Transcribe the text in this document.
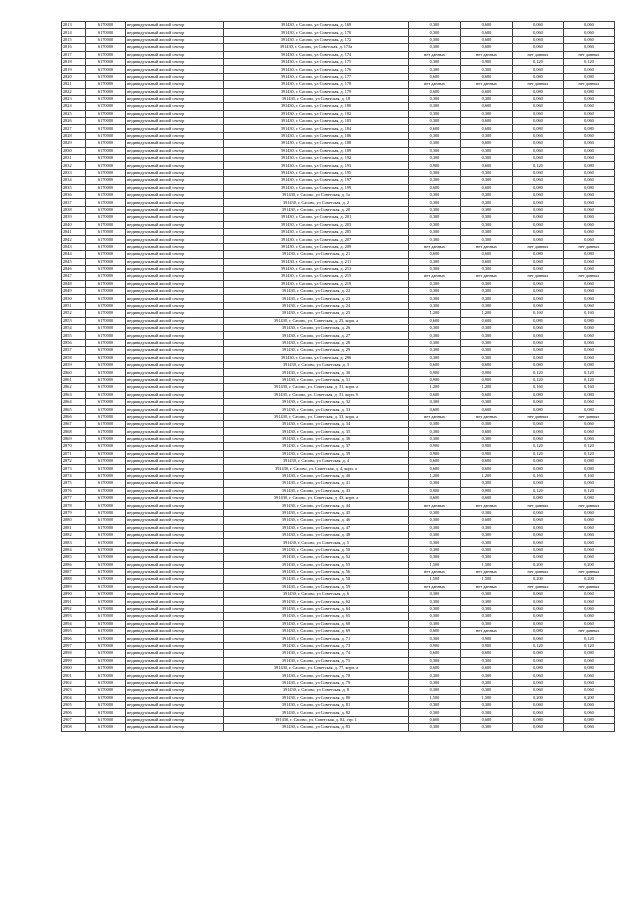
2813	6170000	индивидуальный жилой сектор	391430, г. Сасово, ул Советская, д. 169	0,300	0,600	0,060	0,060
2814	6170000	индивидуальный жилой сектор	391430, г. Сасово, ул Советская, д. 170	0,300	0,600	0,060	0,060
2815	6170000	индивидуальный жилой сектор	391430, г. Сасово, ул Советская, д. 172	0,300	0,600	0,060	0,060
2816	6170000	индивидуальный жилой сектор	391430, г. Сасово, ул Советская, д. 173а	0,300	0,600	0,060	0,060
2817	6170000	индивидуальный жилой сектор	391430, г. Сасово, ул Советская, д. 174	нет данных	нет данных	нет данных	нет данных
2818	6170000	индивидуальный жилой сектор	391430, г. Сасово, ул Советская, д. 175	0,300	0,900	0,120	0,120
2819	6170000	индивидуальный жилой сектор	391430, г. Сасово, ул Советская, д. 176	0,300	0,300	0,060	0,060
2820	6170000	индивидуальный жилой сектор	391430, г. Сасово, ул Советская, д. 177	0,600	0,600	0,080	0,080
2821	6170000	индивидуальный жилой сектор	391430, г. Сасово, ул Советская, д. 178	нет данных	нет данных	нет данных	нет данных
2822	6170000	индивидуальный жилой сектор	391430, г. Сасово, ул Советская, д. 179	0,600	0,600	0,080	0,080
2823	6170000	индивидуальный жилой сектор	391430, г. Сасово, ул Советская, д. 18	0,300	0,300	0,060	0,060
2824	6170000	индивидуальный жилой сектор	391430, г. Сасово, ул Советская, д. 180	0,300	0,600	0,060	0,060
2825	6170000	индивидуальный жилой сектор	391430, г. Сасово, ул Советская, д. 182	0,300	0,300	0,060	0,060
2826	6170000	индивидуальный жилой сектор	391430, г. Сасово, ул Советская, д. 183	0,300	0,600	0,060	0,060
2827	6170000	индивидуальный жилой сектор	391430, г. Сасово, ул Советская, д. 184	0,600	0,600	0,080	0,080
2828	6170000	индивидуальный жилой сектор	391430, г. Сасово, ул Советская, д. 186	0,300	0,300	0,060	0,060
2829	6170000	индивидуальный жилой сектор	391430, г. Сасово, ул Советская, д. 188	0,300	0,600	0,060	0,060
2830	6170000	индивидуальный жилой сектор	391430, г. Сасово, ул Советская, д. 189	0,300	0,300	0,060	0,060
2831	6170000	индивидуальный жилой сектор	391430, г. Сасово, ул Советская, д. 192	0,300	0,300	0,060	0,060
2832	6170000	индивидуальный жилой сектор	391430, г. Сасово, ул Советская, д. 193	0,900	0,600	0,120	0,080
2833	6170000	индивидуальный жилой сектор	391430, г. Сасово, ул Советская, д. 195	0,300	0,300	0,060	0,060
2834	6170000	индивидуальный жилой сектор	391430, г. Сасово, ул Советская, д. 197	0,300	0,300	0,060	0,060
2835	6170000	индивидуальный жилой сектор	391430, г. Сасово, ул Советская, д. 199	0,600	0,600	0,080	0,080
2836	6170000	индивидуальный жилой сектор	391430, г. Сасово, ул Советская, д. 1а	0,300	0,300	0,060	0,060
2837	6170000	индивидуальный жилой сектор	391430, г. Сасово, ул Советская, д. 2	0,300	0,300	0,060	0,060
2838	6170000	индивидуальный жилой сектор	391430, г. Сасово, ул Советская, д. 20	0,300	0,300	0,060	0,060
2839	6170000	индивидуальный жилой сектор	391430, г. Сасово, ул Советская, д. 201	0,300	0,300	0,060	0,060
2840	6170000	индивидуальный жилой сектор	391430, г. Сасово, ул Советская, д. 203	0,300	0,300	0,060	0,060
2841	6170000	индивидуальный жилой сектор	391430, г. Сасово, ул Советская, д. 205	0,300	0,300	0,060	0,060
2842	6170000	индивидуальный жилой сектор	391430, г. Сасово, ул Советская, д. 207	0,300	0,300	0,060	0,060
2843	6170000	индивидуальный жилой сектор	391430, г. Сасово, ул Советская, д. 209	нет данных	нет данных	нет данных	нет данных
2844	6170000	индивидуальный жилой сектор	391430, г. Сасово, ул Советская, д. 21	0,600	0,600	0,080	0,080
2845	6170000	индивидуальный жилой сектор	391430, г. Сасово, ул Советская, д. 211	0,300	0,600	0,060	0,060
2846	6170000	индивидуальный жилой сектор	391430, г. Сасово, ул Советская, д. 213	0,300	0,300	0,060	0,060
2847	6170000	индивидуальный жилой сектор	391430, г. Сасово, ул Советская, д. 215	нет данных	нет данных	нет данных	нет данных
2848	6170000	индивидуальный жилой сектор	391430, г. Сасово, ул Советская, д. 219	0,300	0,300	0,060	0,060
2849	6170000	индивидуальный жилой сектор	391430, г. Сасово, ул Советская, д. 22	0,300	0,300	0,060	0,060
2850	6170000	индивидуальный жилой сектор	391430, г. Сасово, ул Советская, д. 23	0,300	0,300	0,060	0,060
2851	6170000	индивидуальный жилой сектор	391430, г. Сасово, ул Советская, д. 24	0,300	0,300	0,060	0,060
2852	6170000	индивидуальный жилой сектор	391430, г. Сасово, ул Советская, д. 25	1,200	1,200	0,160	0,160
2853	6170000	индивидуальный жилой сектор	391430, г. Сасово, ул. Советская, д. 25, корп. а	0,600	0,600	0,080	0,080
2854	6170000	индивидуальный жилой сектор	391430, г. Сасово, ул Советская, д. 26	0,300	0,300	0,060	0,060
2855	6170000	индивидуальный жилой сектор	391430, г. Сасово, ул Советская, д. 27	0,300	0,300	0,060	0,060
2856	6170000	индивидуальный жилой сектор	391430, г. Сасово, ул Советская, д. 28	0,300	0,300	0,060	0,060
2857	6170000	индивидуальный жилой сектор	391430, г. Сасово, ул Советская, д. 29	0,300	0,300	0,060	0,060
2858	6170000	индивидуальный жилой сектор	391430, г. Сасово, ул Советская, д. 296	0,300	0,300	0,060	0,060
2859	6170000	индивидуальный жилой сектор	391430, г. Сасово, ул Советская, д. 3	0,600	0,600	0,080	0,080
2860	6170000	индивидуальный жилой сектор	391430, г. Сасово, ул Советская, д. 30	0,900	0,900	0,120	0,120
2861	6170000	индивидуальный жилой сектор	391430, г. Сасово, ул Советская, д. 31	0,900	0,900	0,120	0,120
2862	6170000	индивидуальный жилой сектор	391430, г. Сасово, ул. Советская, д. 31, корп. а	1,200	1,200	0,160	0,160
2863	6170000	индивидуальный жилой сектор	391430, г. Сасово, ул. Советская, д. 31, корп. б	0,600	0,600	0,080	0,080
2864	6170000	индивидуальный жилой сектор	391430, г. Сасово, ул Советская, д. 32	0,300	0,300	0,060	0,060
2865	6170000	индивидуальный жилой сектор	391430, г. Сасово, ул Советская, д. 33	0,600	0,600	0,080	0,080
2866	6170000	индивидуальный жилой сектор	391430, г. Сасово, ул. Советская, д. 33, корп. а	нет данных	нет данных	нет данных	нет данных
2867	6170000	индивидуальный жилой сектор	391430, г. Сасово, ул Советская, д. 34	0,300	0,300	0,060	0,060
2868	6170000	индивидуальный жилой сектор	391430, г. Сасово, ул Советская, д. 35	0,300	0,600	0,060	0,060
2869	6170000	индивидуальный жилой сектор	391430, г. Сасово, ул Советская, д. 36	0,300	0,300	0,060	0,060
2870	6170000	индивидуальный жилой сектор	391430, г. Сасово, ул Советская, д. 37	0,900	0,900	0,120	0,120
2871	6170000	индивидуальный жилой сектор	391430, г. Сасово, ул Советская, д. 39	0,900	0,900	0,120	0,120
2872	6170000	индивидуальный жилой сектор	391430, г. Сасово, ул Советская, д. 4	0,600	0,600	0,080	0,080
2873	6170000	индивидуальный жилой сектор	391430, г. Сасово, ул. Советская, д. 4, корп. а	0,600	0,600	0,080	0,080
2874	6170000	индивидуальный жилой сектор	391430, г. Сасово, ул Советская, д. 40	1,200	1,200	0,160	0,160
2875	6170000	индивидуальный жилой сектор	391430, г. Сасово, ул Советская, д. 41	0,300	0,300	0,060	0,060
2876	6170000	индивидуальный жилой сектор	391430, г. Сасово, ул Советская, д. 43	0,900	0,900	0,120	0,120
2877	6170000	индивидуальный жилой сектор	391430, г. Сасово, ул. Советская, д. 43, корп. а	0,600	0,600	0,080	0,080
2878	6170000	индивидуальный жилой сектор	391430, г. Сасово, ул Советская, д. 44	нет данных	нет данных	нет данных	нет данных
2879	6170000	индивидуальный жилой сектор	391430, г. Сасово, ул Советская, д. 45	0,300	0,300	0,060	0,060
2880	6170000	индивидуальный жилой сектор	391430, г. Сасово, ул Советская, д. 46	0,300	0,600	0,060	0,060
2881	6170000	индивидуальный жилой сектор	391430, г. Сасово, ул Советская, д. 47	0,300	0,300	0,060	0,060
2882	6170000	индивидуальный жилой сектор	391430, г. Сасово, ул Советская, д. 48	0,300	0,300	0,060	0,060
2883	6170000	индивидуальный жилой сектор	391430, г. Сасово, ул Советская, д. 5	0,300	0,300	0,060	0,060
2884	6170000	индивидуальный жилой сектор	391430, г. Сасово, ул Советская, д. 50	0,300	0,300	0,060	0,060
2885	6170000	индивидуальный жилой сектор	391430, г. Сасово, ул Советская, д. 52	0,300	0,300	0,060	0,060
2886	6170000	индивидуальный жилой сектор	391430, г. Сасово, ул Советская, д. 55	1,500	1,500	0,200	0,200
2887	6170000	индивидуальный жилой сектор	391430, г. Сасово, ул Советская, д. 56	нет данных	нет данных	нет данных	нет данных
2888	6170000	индивидуальный жилой сектор	391430, г. Сасово, ул Советская, д. 58	1,500	1,500	0,200	0,200
2889	6170000	индивидуальный жилой сектор	391430, г. Сасово, ул Советская, д. 59	нет данных	нет данных	нет данных	нет данных
2890	6170000	индивидуальный жилой сектор	391430, г. Сасово, ул Советская, д. 6	0,300	0,300	0,060	0,060
2891	6170000	индивидуальный жилой сектор	391430, г. Сасово, ул Советская, д. 62	0,300	0,300	0,060	0,060
2892	6170000	индивидуальный жилой сектор	391430, г. Сасово, ул Советская, д. 64	0,300	0,300	0,060	0,060
2893	6170000	индивидуальный жилой сектор	391430, г. Сасово, ул Советская, д. 65	0,300	0,300	0,060	0,060
2894	6170000	индивидуальный жилой сектор	391430, г. Сасово, ул Советская, д. 68	0,300	0,300	0,060	0,060
2895	6170000	индивидуальный жилой сектор	391430, г. Сасово, ул Советская, д. 69	0,600	нет данных	0,080	нет данных
2896	6170000	индивидуальный жилой сектор	391430, г. Сасово, ул Советская, д. 71	0,300	0,900	0,060	0,120
2897	6170000	индивидуальный жилой сектор	391430, г. Сасово, ул Советская, д. 73	0,900	0,900	0,120	0,120
2898	6170000	индивидуальный жилой сектор	391430, г. Сасово, ул Советская, д. 74	0,600	0,600	0,080	0,080
2899	6170000	индивидуальный жилой сектор	391430, г. Сасово, ул Советская, д. 75	0,300	0,300	0,060	0,060
2900	6170000	индивидуальный жилой сектор	391430, г. Сасово, ул. Советская, д. 77, корп. а	0,600	0,600	0,080	0,080
2901	6170000	индивидуальный жилой сектор	391430, г. Сасово, ул Советская, д. 78	0,300	0,300	0,060	0,060
2902	6170000	индивидуальный жилой сектор	391430, г. Сасово, ул Советская, д. 79	0,300	0,300	0,060	0,060
2903	6170000	индивидуальный жилой сектор	391430, г. Сасово, ул Советская, д. 8	0,300	0,300	0,060	0,060
2904	6170000	индивидуальный жилой сектор	391430, г. Сасово, ул Советская, д. 80	1,500	1,500	0,200	0,200
2905	6170000	индивидуальный жилой сектор	391430, г. Сасово, ул Советская, д. 81	0,300	0,300	0,060	0,060
2906	6170000	индивидуальный жилой сектор	391430, г. Сасово, ул Советская, д. 82	0,300	0,300	0,060	0,060
2907	6170000	индивидуальный жилой сектор	391430, г. Сасово, ул. Советская, д. 82, стр. 1	0,600	0,600	0,080	0,080
2908	6170000	индивидуальный жилой сектор	391430, г. Сасово, ул Советская, д. 83	0,300	0,300	0,060	0,060
